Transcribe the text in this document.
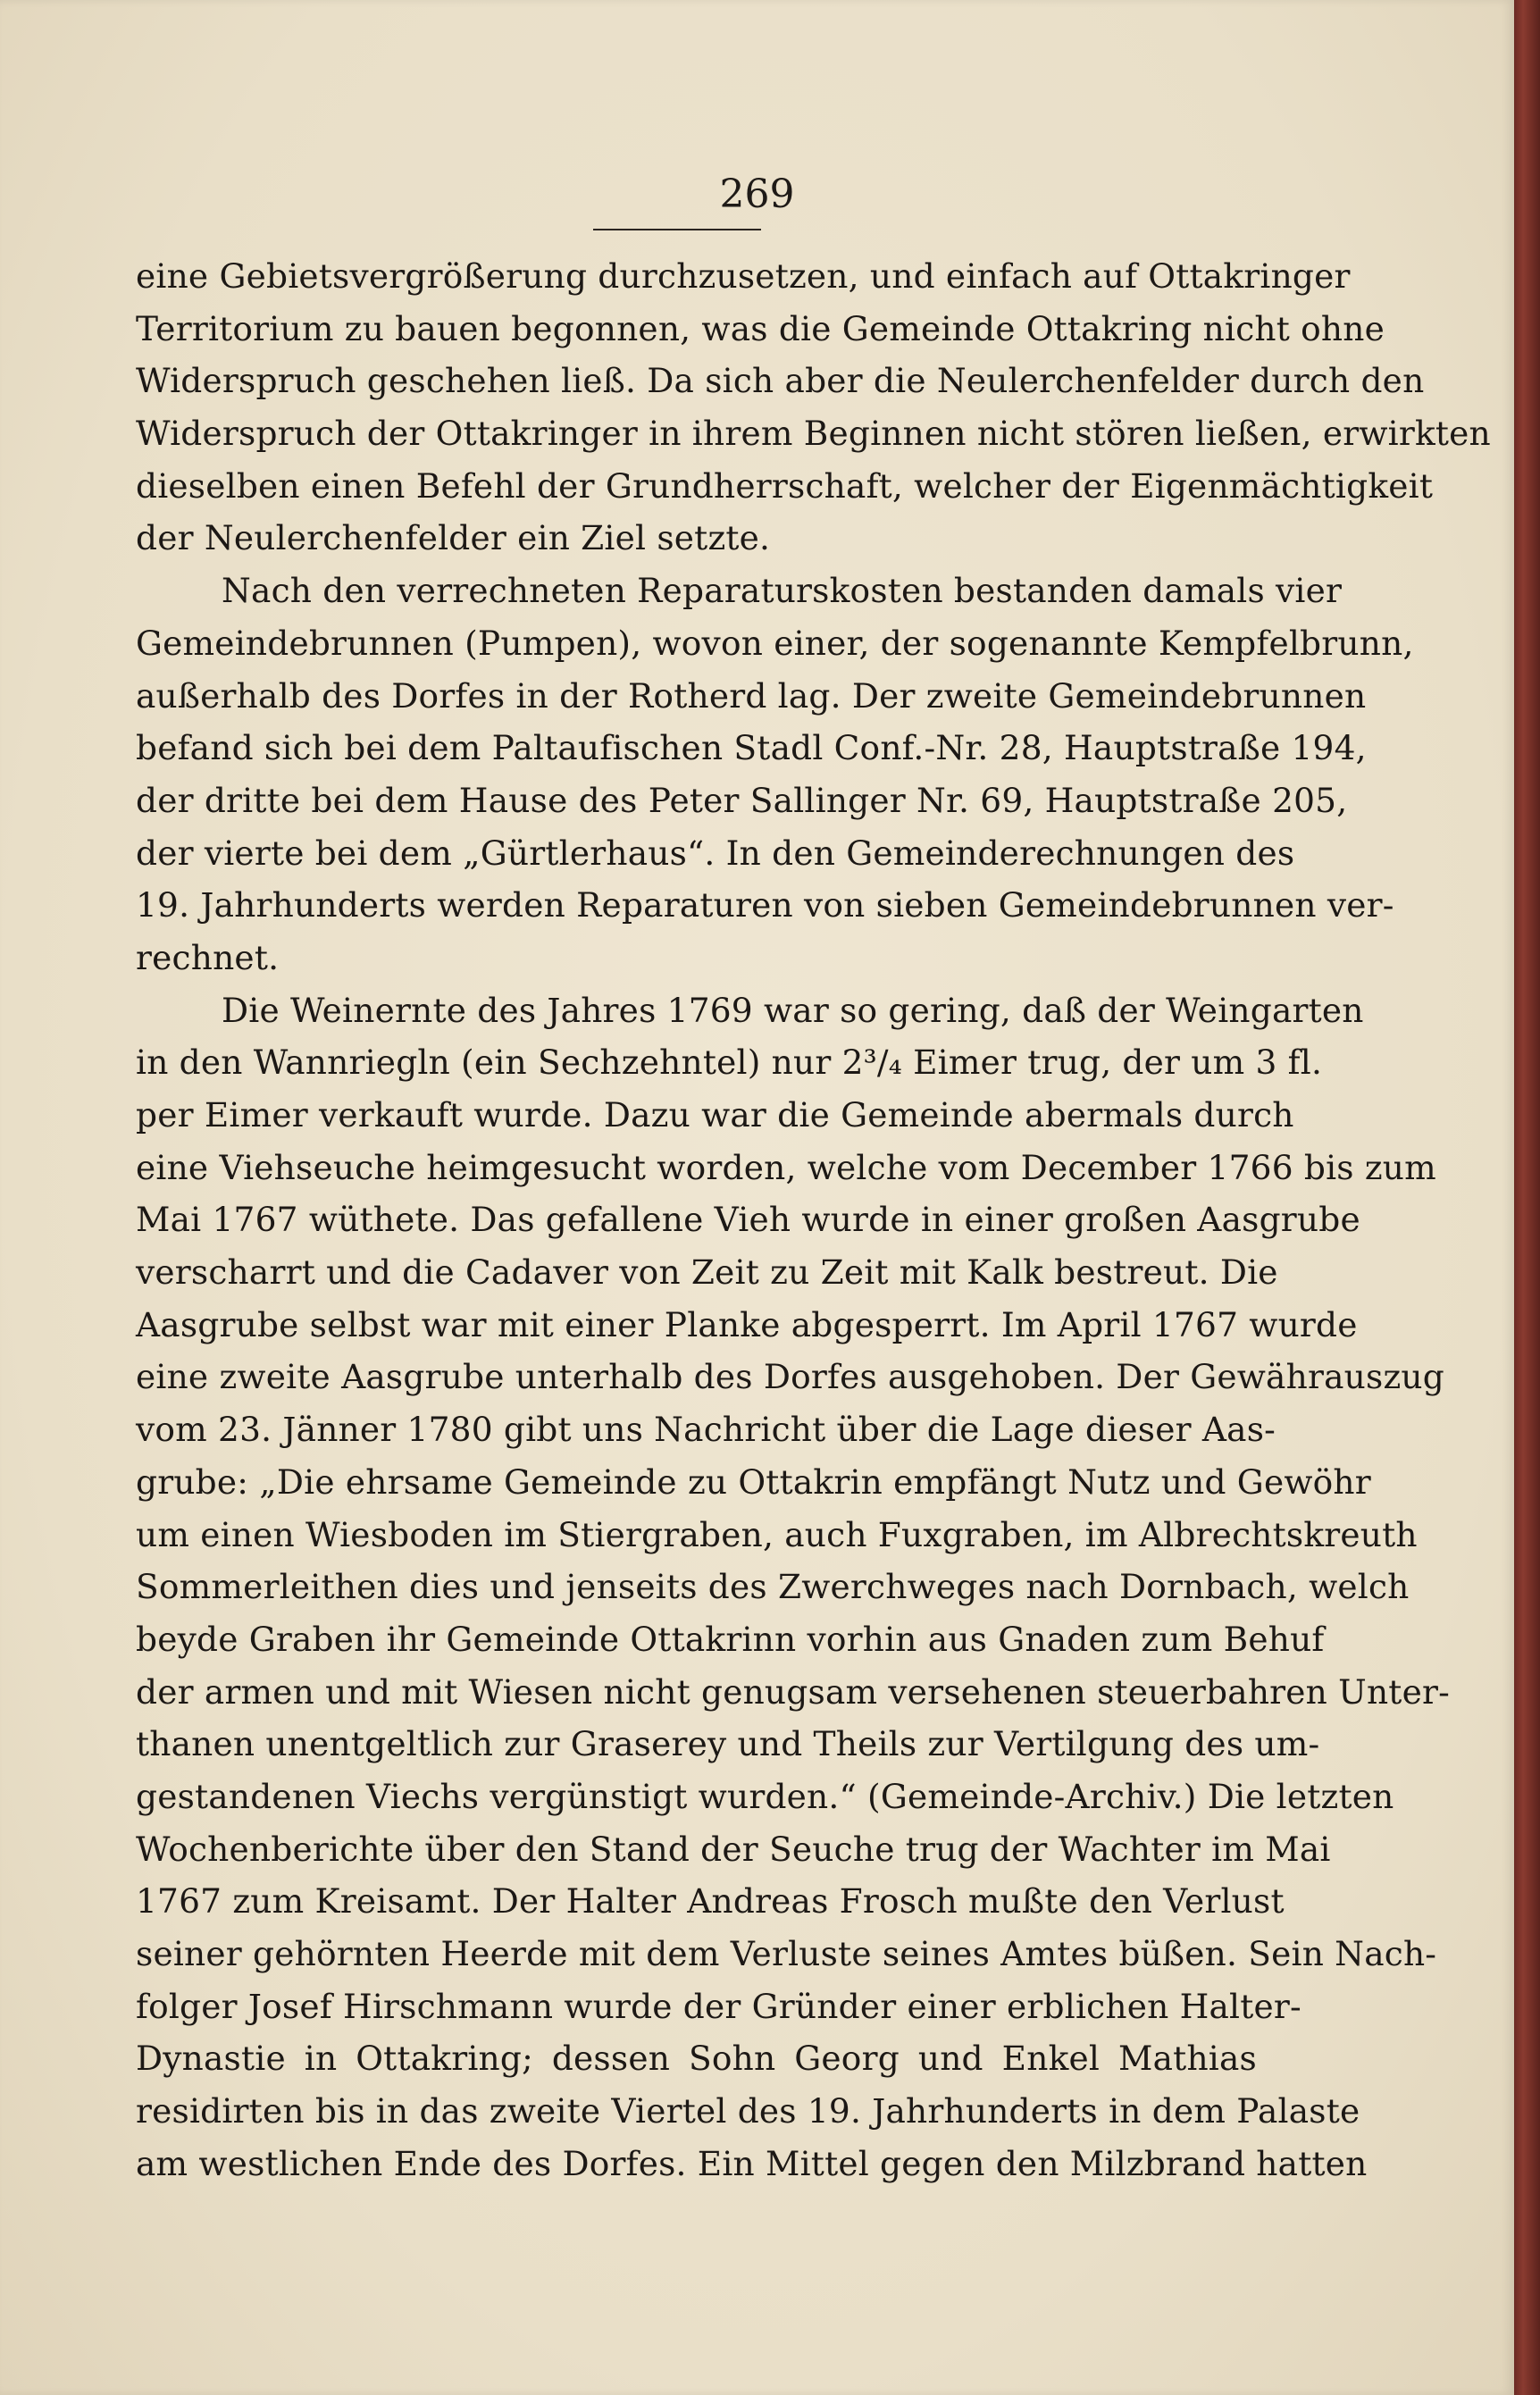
269
eine Gebietsvergrößerung durchzusetzen, und einfach auf Ottakringer
Territorium zu bauen begonnen, was die Gemeinde Ottakring nicht ohne
Widerspruch geschehen ließ. Da sich aber die Neulerchenfelder durch den
Widerspruch der Ottakringer in ihrem Beginnen nicht stören ließen, erwirkten
dieselben einen Befehl der Grundherrschaft, welcher der Eigenmächtigkeit
der Neulerchenfelder ein Ziel setzte.
Nach den verrechneten Reparaturskosten bestanden damals vier
Gemeindebrunnen (Pumpen), wovon einer, der sogenannte Kempfelbrunn,
außerhalb des Dorfes in der Rotherd lag. Der zweite Gemeindebrunnen
befand sich bei dem Paltaufischen Stadl Conf.-Nr. 28, Hauptstraße 194,
der dritte bei dem Hause des Peter Sallinger Nr. 69, Hauptstraße 205,
der vierte bei dem „Gürtlerhaus“. In den Gemeinderechnungen des
19. Jahrhunderts werden Reparaturen von sieben Gemeindebrunnen ver-
rechnet.
Die Weinernte des Jahres 1769 war so gering, daß der Weingarten
in den Wannriegln (ein Sechzehntel) nur 2³/₄ Eimer trug, der um 3 fl.
per Eimer verkauft wurde. Dazu war die Gemeinde abermals durch
eine Viehseuche heimgesucht worden, welche vom December 1766 bis zum
Mai 1767 wüthete. Das gefallene Vieh wurde in einer großen Aasgrube
verscharrt und die Cadaver von Zeit zu Zeit mit Kalk bestreut. Die
Aasgrube selbst war mit einer Planke abgesperrt. Im April 1767 wurde
eine zweite Aasgrube unterhalb des Dorfes ausgehoben. Der Gewährauszug
vom 23. Jänner 1780 gibt uns Nachricht über die Lage dieser Aas-
grube: „Die ehrsame Gemeinde zu Ottakrin empfängt Nutz und Gewöhr
um einen Wiesboden im Stiergraben, auch Fuxgraben, im Albrechtskreuth
Sommerleithen dies und jenseits des Zwerchweges nach Dornbach, welch
beyde Graben ihr Gemeinde Ottakrinn vorhin aus Gnaden zum Behuf
der armen und mit Wiesen nicht genugsam versehenen steuerbahren Unter-
thanen unentgeltlich zur Graserey und Theils zur Vertilgung des um-
gestandenen Viechs vergünstigt wurden.“ (Gemeinde-Archiv.) Die letzten
Wochenberichte über den Stand der Seuche trug der Wachter im Mai
1767 zum Kreisamt. Der Halter Andreas Frosch mußte den Verlust
seiner gehörnten Heerde mit dem Verluste seines Amtes büßen. Sein Nach-
folger Josef Hirschmann wurde der Gründer einer erblichen Halter-
Dynastie in Ottakring; dessen Sohn Georg und Enkel Mathias
residirten bis in das zweite Viertel des 19. Jahrhunderts in dem Palaste
am westlichen Ende des Dorfes. Ein Mittel gegen den Milzbrand hatten
